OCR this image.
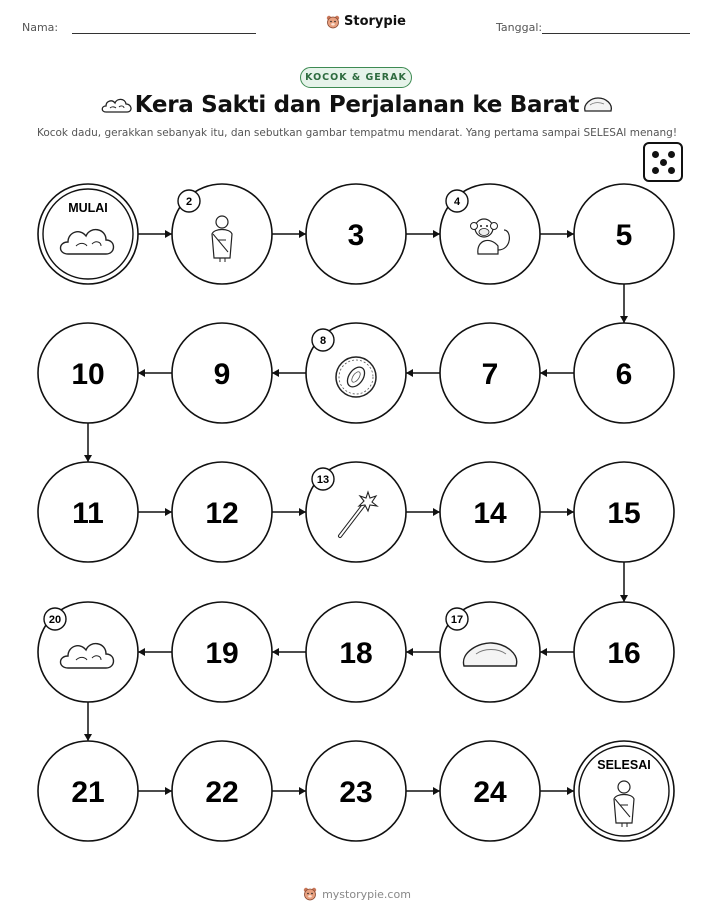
Nama:	Storypie	Tanggal:
KOCOK & GERAK
Kera Sakti dan Perjalanan ke Barat
Kocok dadu, gerakkan sebanyak itu, dan sebutkan gambar tempatmu mendarat. Yang pertama sampai SELESAI menang!
MULAI	2
3
4
5
6
7
8
9
10
11	12
13
14	15
16
17
18
19
20
21	22	23	24
SELESAI
mystorypie.com
